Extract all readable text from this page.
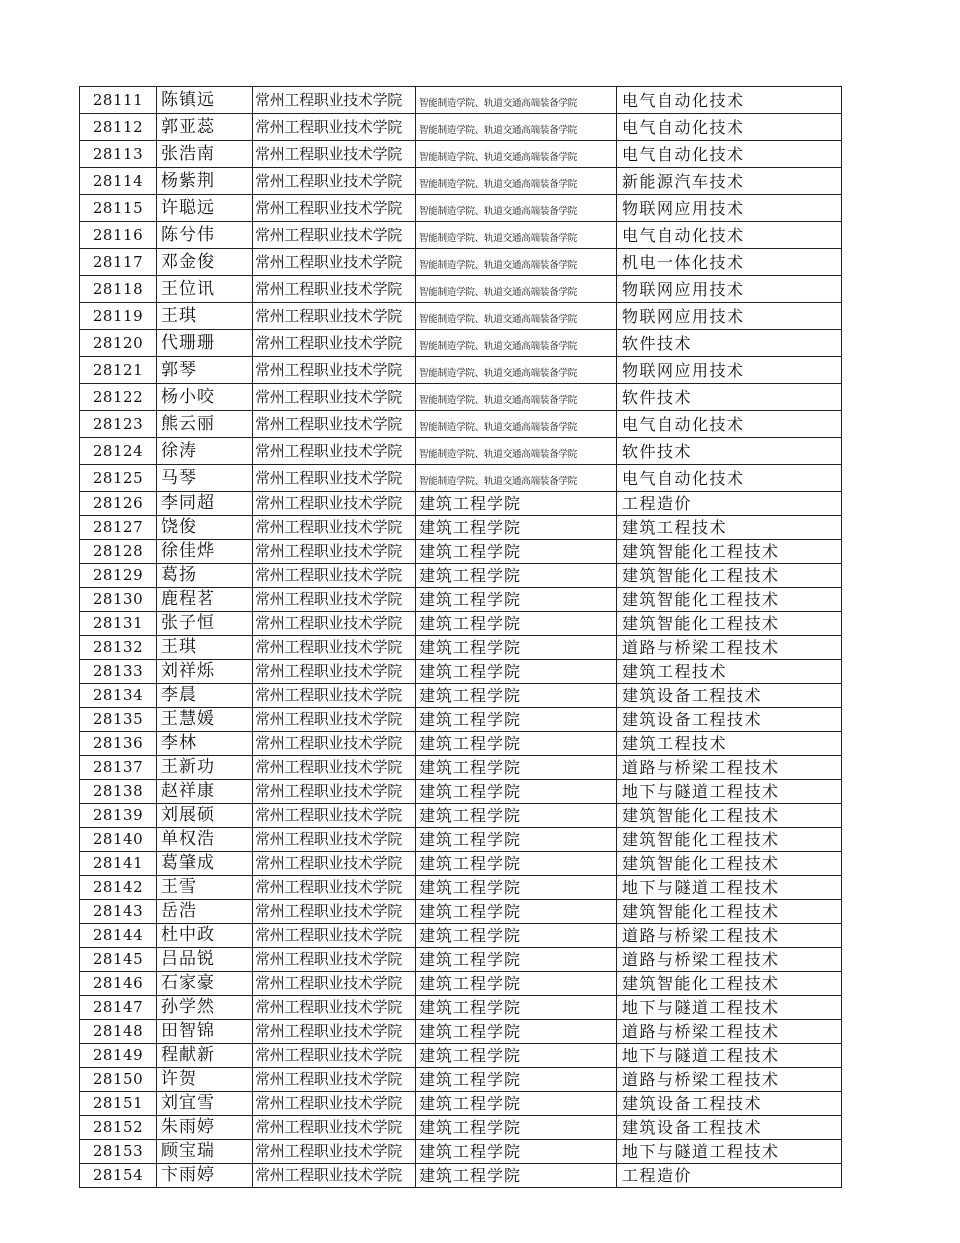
28111	陈镇远	常州工程职业技术学院	智能制造学院、轨道交通高端装备学院	电气自动化技术
28112	郭亚蕊	常州工程职业技术学院	智能制造学院、轨道交通高端装备学院	电气自动化技术
28113	张浩南	常州工程职业技术学院	智能制造学院、轨道交通高端装备学院	电气自动化技术
28114	杨紫荆	常州工程职业技术学院	智能制造学院、轨道交通高端装备学院	新能源汽车技术
28115	许聪远	常州工程职业技术学院	智能制造学院、轨道交通高端装备学院	物联网应用技术
28116	陈兮伟	常州工程职业技术学院	智能制造学院、轨道交通高端装备学院	电气自动化技术
28117	邓金俊	常州工程职业技术学院	智能制造学院、轨道交通高端装备学院	机电一体化技术
28118	王位讯	常州工程职业技术学院	智能制造学院、轨道交通高端装备学院	物联网应用技术
28119	王琪	常州工程职业技术学院	智能制造学院、轨道交通高端装备学院	物联网应用技术
28120	代珊珊	常州工程职业技术学院	智能制造学院、轨道交通高端装备学院	软件技术
28121	郭琴	常州工程职业技术学院	智能制造学院、轨道交通高端装备学院	物联网应用技术
28122	杨小咬	常州工程职业技术学院	智能制造学院、轨道交通高端装备学院	软件技术
28123	熊云丽	常州工程职业技术学院	智能制造学院、轨道交通高端装备学院	电气自动化技术
28124	徐涛	常州工程职业技术学院	智能制造学院、轨道交通高端装备学院	软件技术
28125	马琴	常州工程职业技术学院	智能制造学院、轨道交通高端装备学院	电气自动化技术
28126	李同超	常州工程职业技术学院	建筑工程学院	工程造价
28127	饶俊	常州工程职业技术学院	建筑工程学院	建筑工程技术
28128	徐佳烨	常州工程职业技术学院	建筑工程学院	建筑智能化工程技术
28129	葛扬	常州工程职业技术学院	建筑工程学院	建筑智能化工程技术
28130	鹿程茗	常州工程职业技术学院	建筑工程学院	建筑智能化工程技术
28131	张子恒	常州工程职业技术学院	建筑工程学院	建筑智能化工程技术
28132	王琪	常州工程职业技术学院	建筑工程学院	道路与桥梁工程技术
28133	刘祥烁	常州工程职业技术学院	建筑工程学院	建筑工程技术
28134	李晨	常州工程职业技术学院	建筑工程学院	建筑设备工程技术
28135	王慧媛	常州工程职业技术学院	建筑工程学院	建筑设备工程技术
28136	李林	常州工程职业技术学院	建筑工程学院	建筑工程技术
28137	王新功	常州工程职业技术学院	建筑工程学院	道路与桥梁工程技术
28138	赵祥康	常州工程职业技术学院	建筑工程学院	地下与隧道工程技术
28139	刘展硕	常州工程职业技术学院	建筑工程学院	建筑智能化工程技术
28140	单权浩	常州工程职业技术学院	建筑工程学院	建筑智能化工程技术
28141	葛肇成	常州工程职业技术学院	建筑工程学院	建筑智能化工程技术
28142	王雪	常州工程职业技术学院	建筑工程学院	地下与隧道工程技术
28143	岳浩	常州工程职业技术学院	建筑工程学院	建筑智能化工程技术
28144	杜中政	常州工程职业技术学院	建筑工程学院	道路与桥梁工程技术
28145	吕品锐	常州工程职业技术学院	建筑工程学院	道路与桥梁工程技术
28146	石家豪	常州工程职业技术学院	建筑工程学院	建筑智能化工程技术
28147	孙学然	常州工程职业技术学院	建筑工程学院	地下与隧道工程技术
28148	田智锦	常州工程职业技术学院	建筑工程学院	道路与桥梁工程技术
28149	程献新	常州工程职业技术学院	建筑工程学院	地下与隧道工程技术
28150	许贺	常州工程职业技术学院	建筑工程学院	道路与桥梁工程技术
28151	刘宜雪	常州工程职业技术学院	建筑工程学院	建筑设备工程技术
28152	朱雨婷	常州工程职业技术学院	建筑工程学院	建筑设备工程技术
28153	顾宝瑞	常州工程职业技术学院	建筑工程学院	地下与隧道工程技术
28154	卞雨婷	常州工程职业技术学院	建筑工程学院	工程造价
